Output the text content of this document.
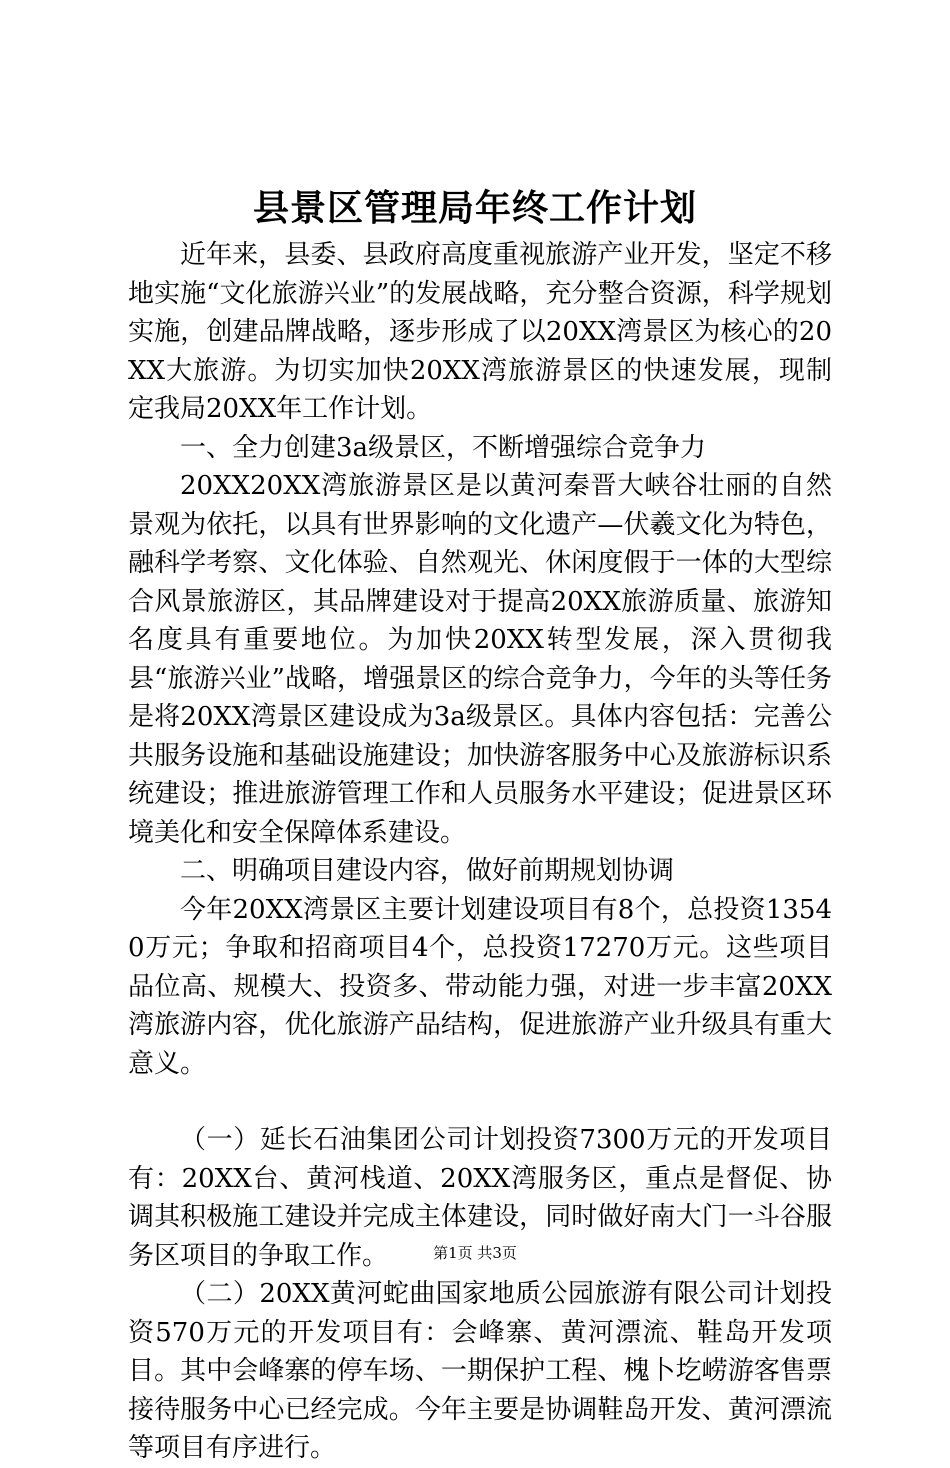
县景区管理局年终工作计划

近年来，县委、县政府高度重视旅游产业开发，坚定不移地实施“文化旅游兴业”的发展战略，充分整合资源，科学规划实施，创建品牌战略，逐步形成了以20XX湾景区为核心的20XX大旅游。为切实加快20XX湾旅游景区的快速发展，现制定我局20XX年工作计划。

一、全力创建3a级景区，不断增强综合竞争力

20XX20XX湾旅游景区是以黄河秦晋大峡谷壮丽的自然景观为依托，以具有世界影响的文化遗产—伏羲文化为特色，融科学考察、文化体验、自然观光、休闲度假于一体的大型综合风景旅游区，其品牌建设对于提高20XX旅游质量、旅游知名度具有重要地位。为加快20XX转型发展，深入贯彻我县“旅游兴业”战略，增强景区的综合竞争力，今年的头等任务是将20XX湾景区建设成为3a级景区。具体内容包括：完善公共服务设施和基础设施建设；加快游客服务中心及旅游标识系统建设；推进旅游管理工作和人员服务水平建设；促进景区环境美化和安全保障体系建设。

二、明确项目建设内容，做好前期规划协调

今年20XX湾景区主要计划建设项目有8个，总投资13540万元；争取和招商项目4个，总投资17270万元。这些项目品位高、规模大、投资多、带动能力强，对进一步丰富20XX湾旅游内容，优化旅游产品结构，促进旅游产业升级具有重大意义。

（一）延长石油集团公司计划投资7300万元的开发项目有：20XX台、黄河栈道、20XX湾服务区，重点是督促、协调其积极施工建设并完成主体建设，同时做好南大门一斗谷服务区项目的争取工作。

（二）20XX黄河蛇曲国家地质公园旅游有限公司计划投资570万元的开发项目有：会峰寨、黄河漂流、鞋岛开发项目。其中会峰寨的停车场、一期保护工程、槐卜圪崂游客售票接待服务中心已经完成。今年主要是协调鞋岛开发、黄河漂流等项目有序进行。

第1页 共3页
